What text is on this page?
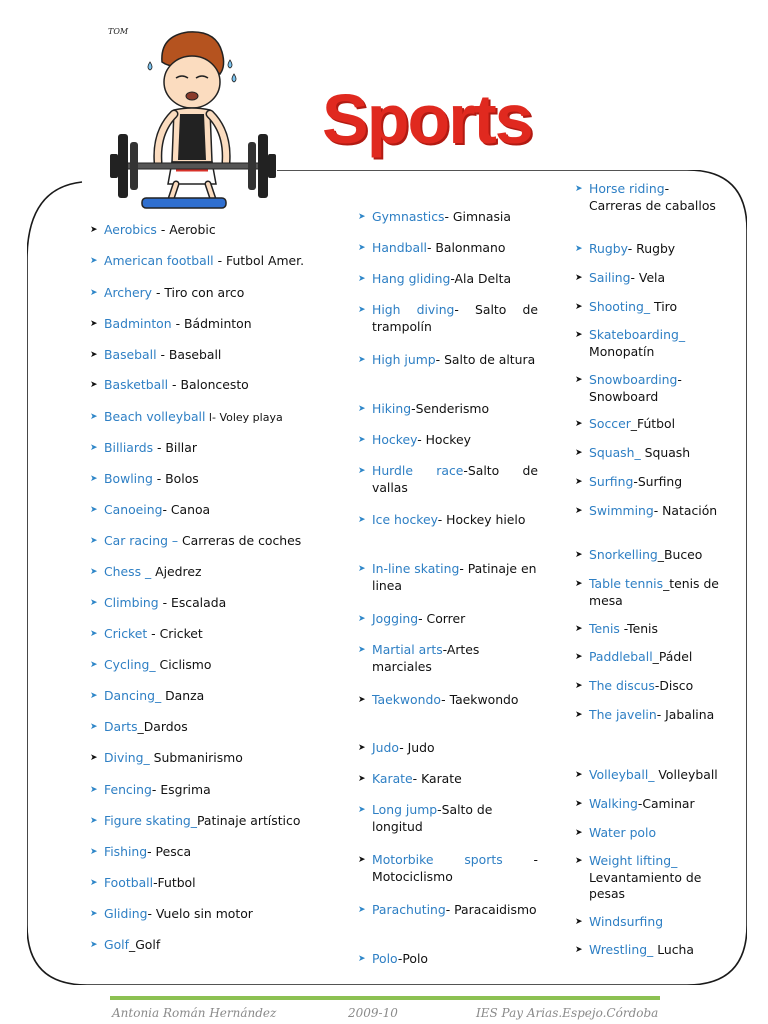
TOM
Sports
➤ Aerobics - Aerobic
➤ American football - Futbol Amer.
➤ Archery - Tiro con arco
➤ Badminton - Bádminton
➤ Baseball - Baseball
➤ Basketball - Baloncesto
➤ Beach volleyball l- Voley playa
➤ Billiards - Billar
➤ Bowling - Bolos
➤ Canoeing- Canoa
➤ Car racing – Carreras de coches
➤ Chess _ Ajedrez
➤ Climbing - Escalada
➤ Cricket - Cricket
➤ Cycling_ Ciclismo
➤ Dancing_ Danza
➤ Darts_Dardos
➤ Diving_ Submanirismo
➤ Fencing- Esgrima
➤ Figure skating_Patinaje artístico
➤ Fishing- Pesca
➤ Football-Futbol
➤ Gliding- Vuelo sin motor
➤ Golf_Golf
➤ Gymnastics- Gimnasia
➤ Handball- Balonmano
➤ Hang gliding-Ala Delta
➤ High diving- Salto de trampolín
➤ High jump- Salto de altura
➤ Hiking-Senderismo
➤ Hockey- Hockey
➤ Hurdle race-Salto de vallas
➤ Ice hockey- Hockey hielo
➤ In-line skating- Patinaje en linea
➤ Jogging- Correr
➤ Martial arts-Artes marciales
➤ Taekwondo- Taekwondo
➤ Judo- Judo
➤ Karate- Karate
➤ Long jump-Salto de longitud
➤ Motorbike sports - Motociclismo
➤ Parachuting- Paracaidismo
➤ Polo-Polo
➤ Horse riding- Carreras de caballos
➤ Rugby- Rugby
➤ Sailing- Vela
➤ Shooting_ Tiro
➤ Skateboarding_ Monopatín
➤ Snowboarding- Snowboard
➤ Soccer_Fútbol
➤ Squash_ Squash
➤ Surfing-Surfing
➤ Swimming- Natación
➤ Snorkelling_Buceo
➤ Table tennis_tenis de mesa
➤ Tenis -Tenis
➤ Paddleball_Pádel
➤ The discus-Disco
➤ The javelin- Jabalina
➤ Volleyball_ Volleyball
➤ Walking-Caminar
➤ Water polo
➤ Weight lifting_ Levantamiento de pesas
➤ Windsurfing
➤ Wrestling_ Lucha
Antonia Román Hernández	2009-10	IES Pay Arias.Espejo.Córdoba
